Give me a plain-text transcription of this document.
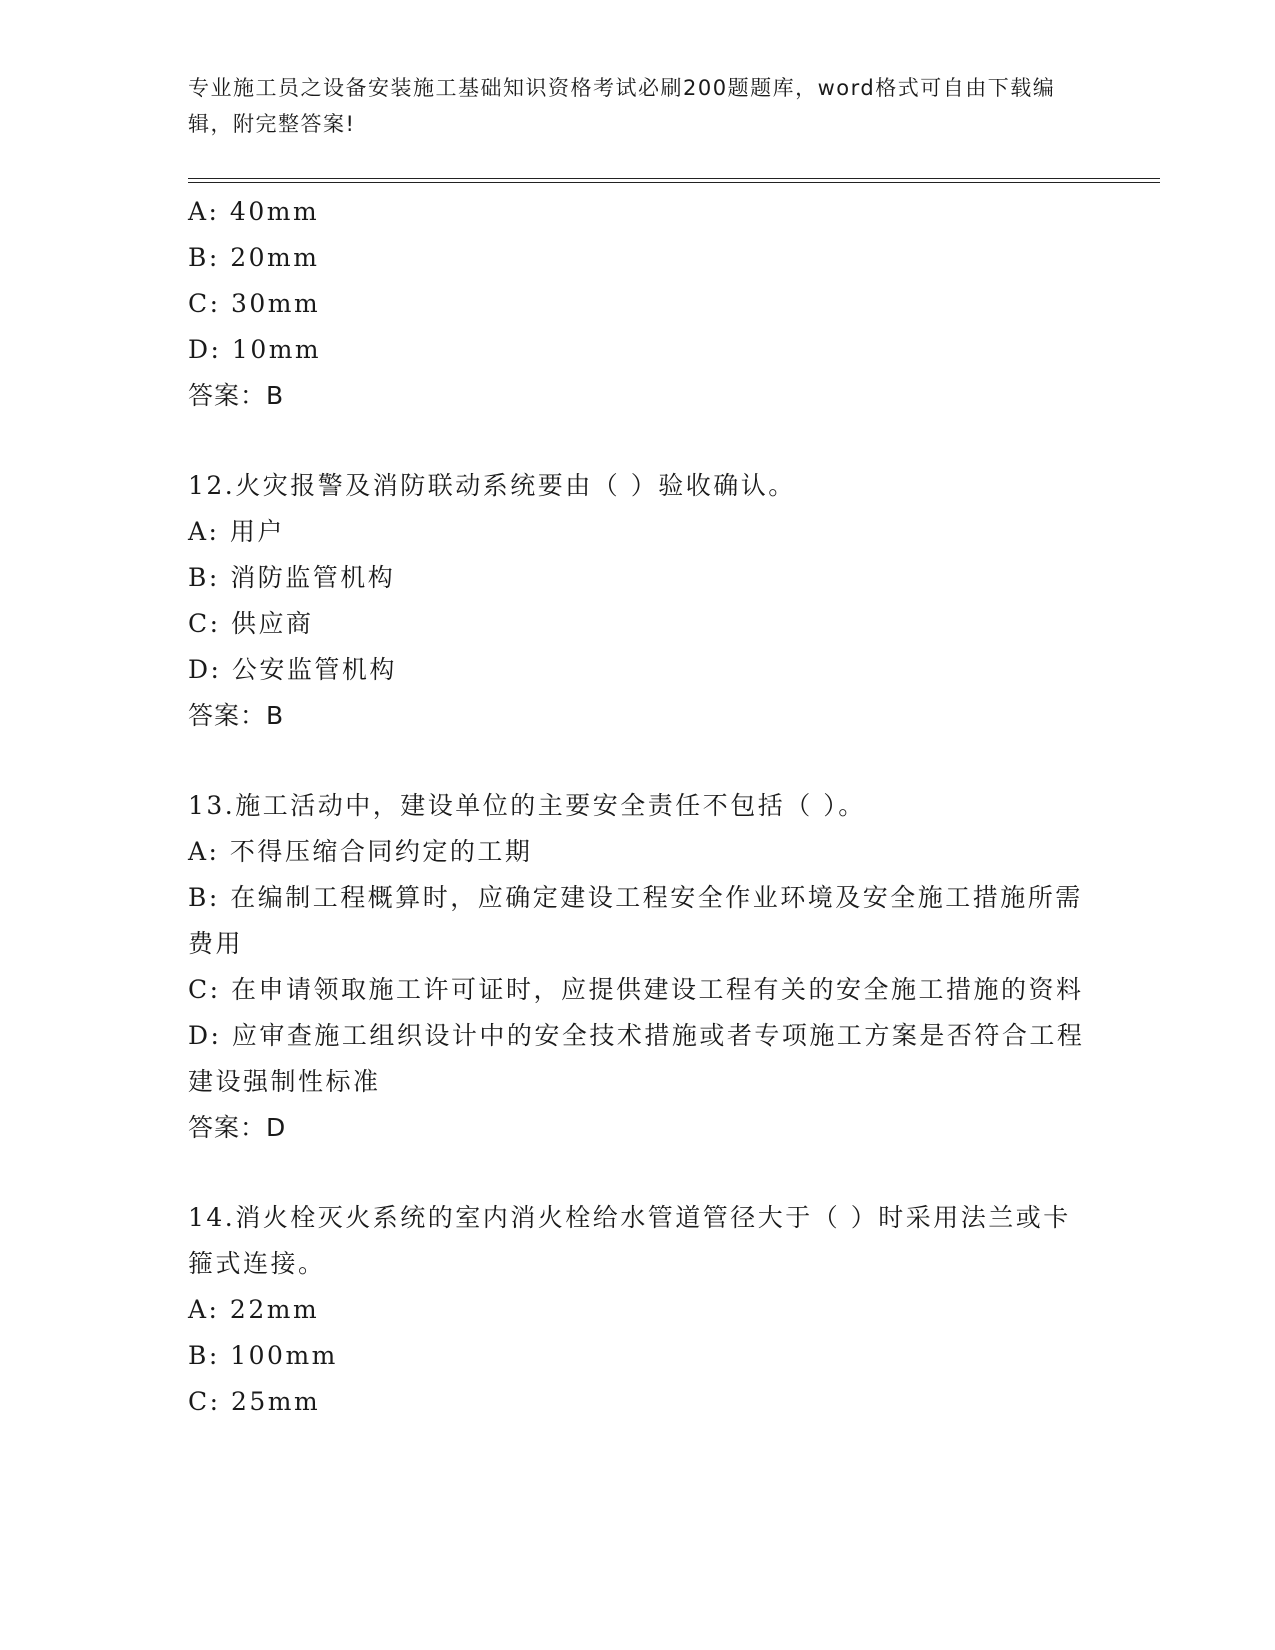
专业施工员之设备安装施工基础知识资格考试必刷200题题库，word格式可自由下载编辑，附完整答案!

A: 40mm

B: 20mm

C: 30mm

D: 10mm

答案：B

12.火灾报警及消防联动系统要由（ ）验收确认。

A: 用户

B: 消防监管机构

C: 供应商

D: 公安监管机构

答案：B

13.施工活动中，建设单位的主要安全责任不包括（ ）。

A: 不得压缩合同约定的工期

B: 在编制工程概算时，应确定建设工程安全作业环境及安全施工措施所需费用

C: 在申请领取施工许可证时，应提供建设工程有关的安全施工措施的资料

D: 应审查施工组织设计中的安全技术措施或者专项施工方案是否符合工程建设强制性标准

答案：D

14.消火栓灭火系统的室内消火栓给水管道管径大于（ ）时采用法兰或卡箍式连接。

A: 22mm

B: 100mm

C: 25mm
